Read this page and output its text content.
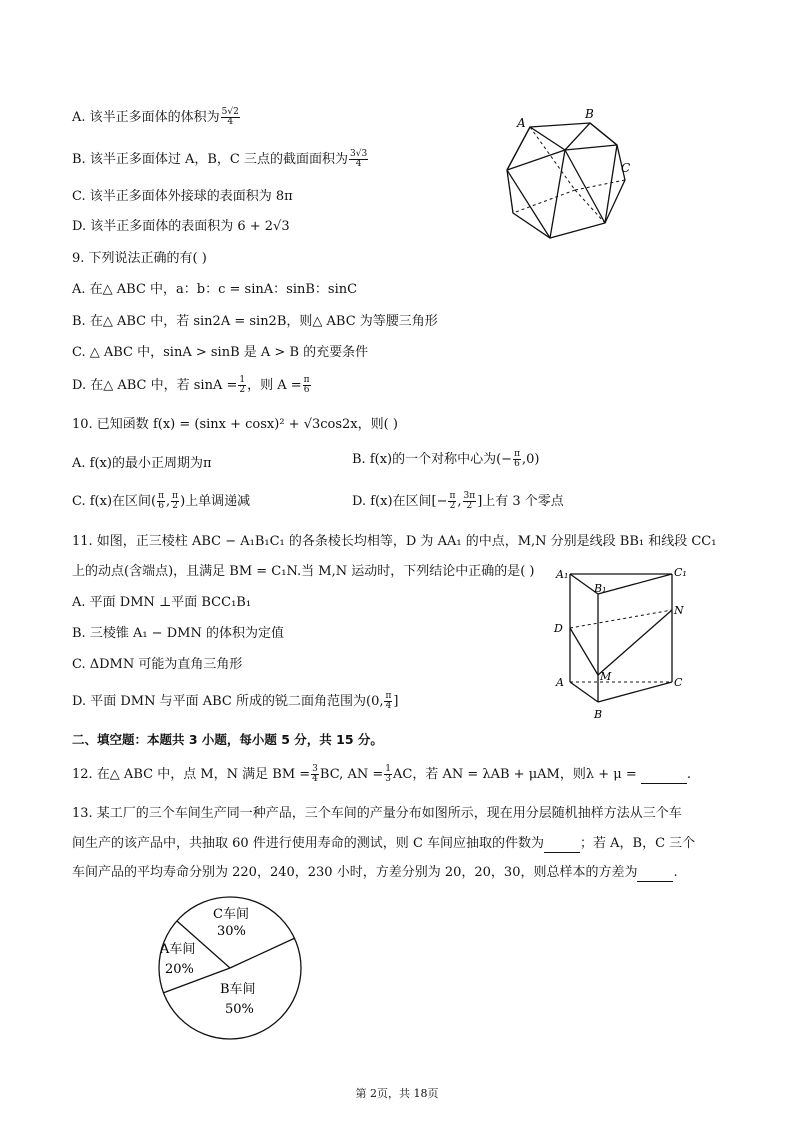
A. 该半正多面体的体积为 $\frac{5√2}{4}$
B. 该半正多面体过 A，B，C 三点的截面面积为 $\frac{3√3}{4}$
C. 该半正多面体外接球的表面积为 8π
D. 该半正多面体的表面积为 6 + 2√3
A
B
C
9. 下列说法正确的有( )
A. 在△ ABC 中，a：b：c = sinA：sinB：sinC
B. 在△ ABC 中，若 sin2A = sin2B，则△ ABC 为等腰三角形
C. △ ABC 中，sinA > sinB 是 A > B 的充要条件
D. 在△ ABC 中，若 $\sin A = \frac{1}{2}$ ，则 $A = \frac{\pi}{6}$
10. 已知函数 f(x) = (sinx + cosx)² + √3cos2x，则( )
A. f(x)的最小正周期为π	B. f(x)的一个对称中心为(− $\frac{\pi}{6} ,0$)
C. f(x)在区间( $\frac{\pi}{6}$ , $\frac{\pi}{2}$ )上单调递减	D. f(x)在区间[− $\frac{\pi}{2}$ , $\frac{3\pi}{2}$ ]上有 3 个零点
11. 如图，正三棱柱 ABC − A₁B₁C₁ 的各条棱长均相等，D 为 AA₁ 的中点，M,N 分别是线段 BB₁ 和线段 CC₁
上的动点(含端点)，且满足 BM = C₁N.当 M,N 运动时，下列结论中正确的是( )
A. 平面 DMN ⊥平面 BCC₁B₁
B. 三棱锥 A₁ − DMN 的体积为定值
C. ΔDMN 可能为直角三角形
D. 平面 DMN 与平面 ABC 所成的锐二面角范围为(0, $\frac{\pi}{4}$ ]
A₁	C₁
B₁
N
D
M
A	C
B
二、填空题：本题共 3 小题，每小题 5 分，共 15 分。
12. 在△ ABC 中，点 M，N 满足 BM = $\frac{3}{4}$ BC, AN = $\frac{1}{3}$ AC，若 AN = λAB + μAM，则λ + μ =	.
13. 某工厂的三个车间生产同一种产品，三个车间的产量分布如图所示，现在用分层随机抽样方法从三个车
间生产的该产品中，共抽取 60 件进行使用寿命的测试，则 C 车间应抽取的件数为	；若 A，B，C 三个
车间产品的平均寿命分别为 220，240，230 小时，方差分别为 20，20，30，则总样本的方差为	.
C车间
30%
A车间
20%
B车间
50%
第 2页，共 18页
